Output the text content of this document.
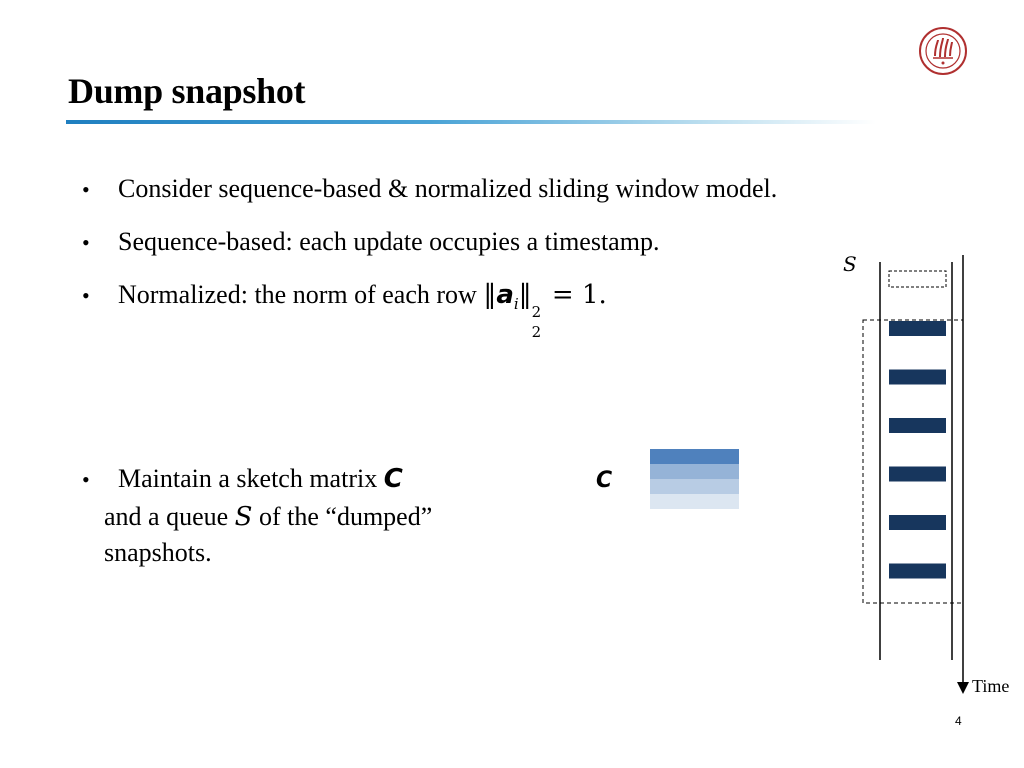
Dump snapshot
• Consider sequence-based & normalized sliding window model.
• Sequence-based: each update occupies a timestamp.
• Normalized: the norm of each row $‖a_i‖$
2
2
= 1.
• Maintain a sketch matrix C
and a queue S of the “dumped”
snapshots.
C
S
Time
4
